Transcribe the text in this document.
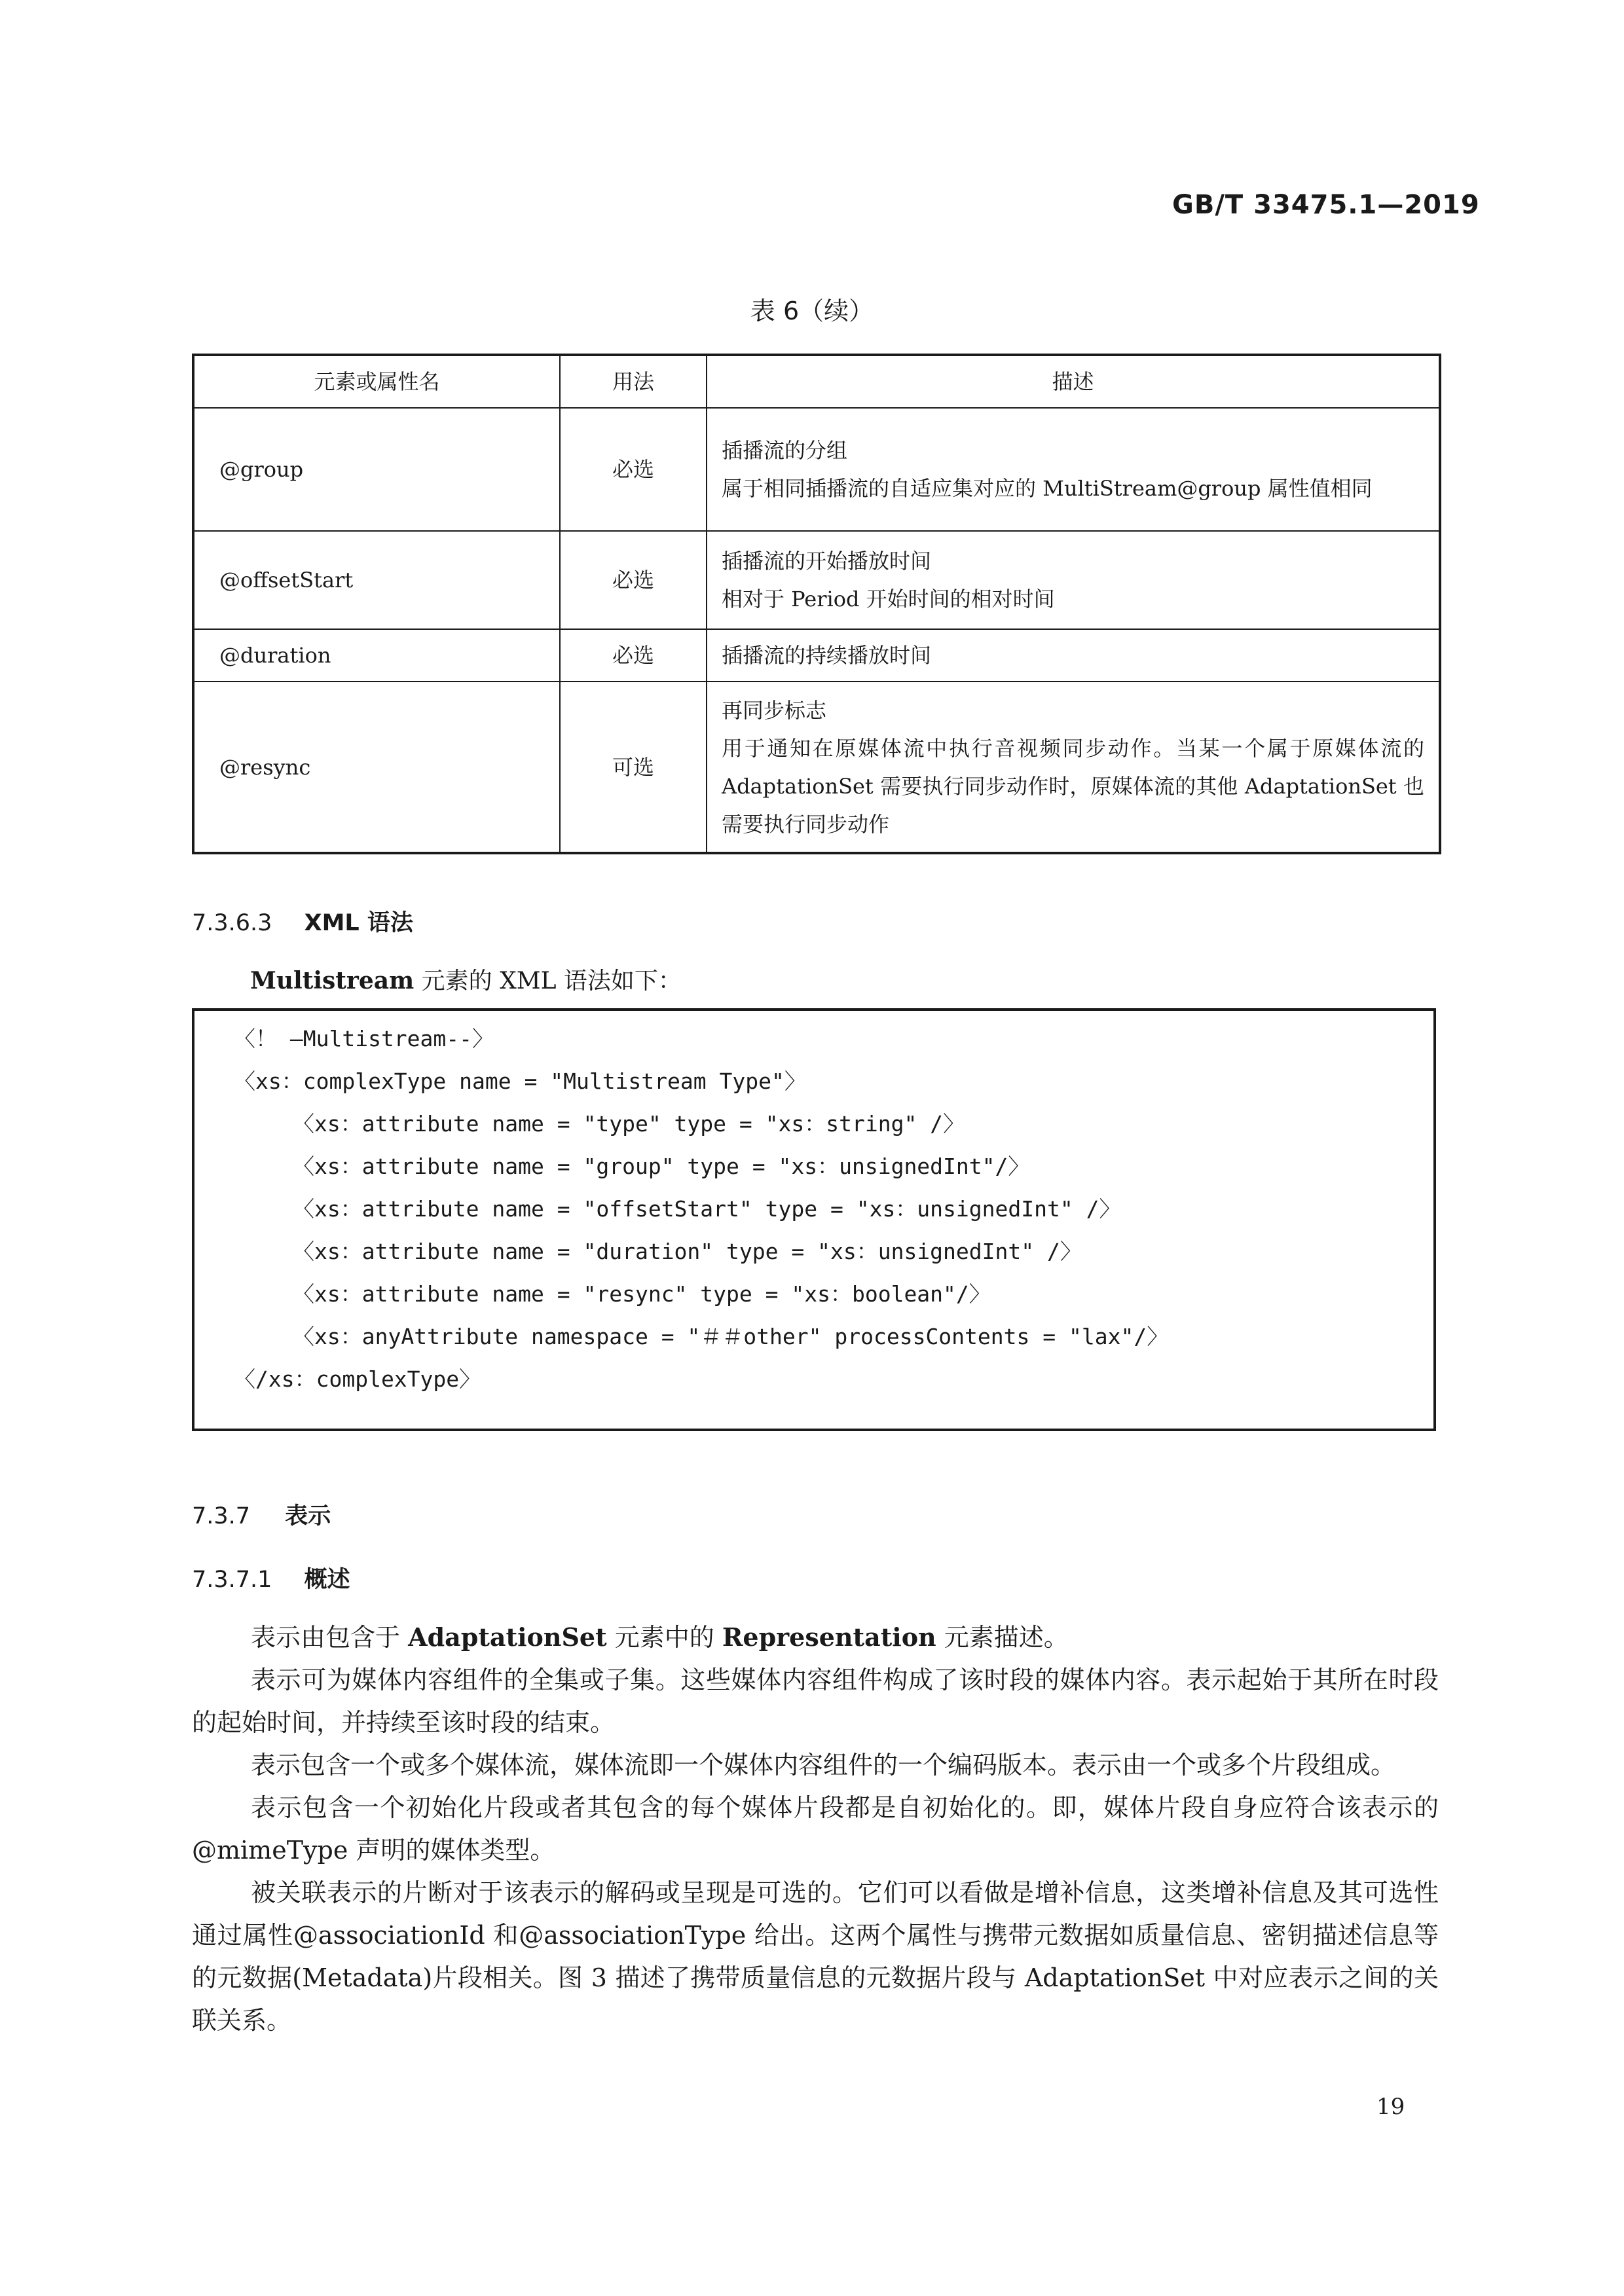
GB/T 33475.1—2019
表 6（续）
元素或属性名	用法	描述
@group	必选	插播流的分组
属于相同插播流的自适应集对应的 MultiStream@group 属性值相同

@offsetStart	必选	插播流的开始播放时间
相对于 Period 开始时间的相对时间

@duration	必选	插播流的持续播放时间

@resync	可选	再同步标志
用于通知在原媒体流中执行音视频同步动作。当某一个属于原媒体流的 AdaptationSet 需要执行同步动作时，原媒体流的其他 AdaptationSet 也需要执行同步动作
7.3.6.3 XML 语法
Multistream 元素的 XML 语法如下：
〈！ —Multistream--〉
〈xs：complexType name = "Multistream Type"〉
〈xs：attribute name = "type" type = "xs：string" /〉
〈xs：attribute name = "group" type = "xs：unsignedInt"/〉
〈xs：attribute name = "offsetStart" type = "xs：unsignedInt" /〉
〈xs：attribute name = "duration" type = "xs：unsignedInt" /〉
〈xs：attribute name = "resync" type = "xs：boolean"/〉
〈xs：anyAttribute namespace = "＃＃other" processContents = "lax"/〉
〈/xs：complexType〉
7.3.7 表示
7.3.7.1 概述

表示由包含于 AdaptationSet 元素中的 Representation 元素描述。

表示可为媒体内容组件的全集或子集。这些媒体内容组件构成了该时段的媒体内容。表示起始于其所在时段的起始时间，并持续至该时段的结束。

表示包含一个或多个媒体流，媒体流即一个媒体内容组件的一个编码版本。表示由一个或多个片段组成。

表示包含一个初始化片段或者其包含的每个媒体片段都是自初始化的。即，媒体片段自身应符合该表示的@mimeType 声明的媒体类型。

被关联表示的片断对于该表示的解码或呈现是可选的。它们可以看做是增补信息，这类增补信息及其可选性通过属性@associationId 和@associationType 给出。这两个属性与携带元数据如质量信息、密钥描述信息等的元数据(Metadata)片段相关。图 3 描述了携带质量信息的元数据片段与 AdaptationSet 中对应表示之间的关联关系。

19
